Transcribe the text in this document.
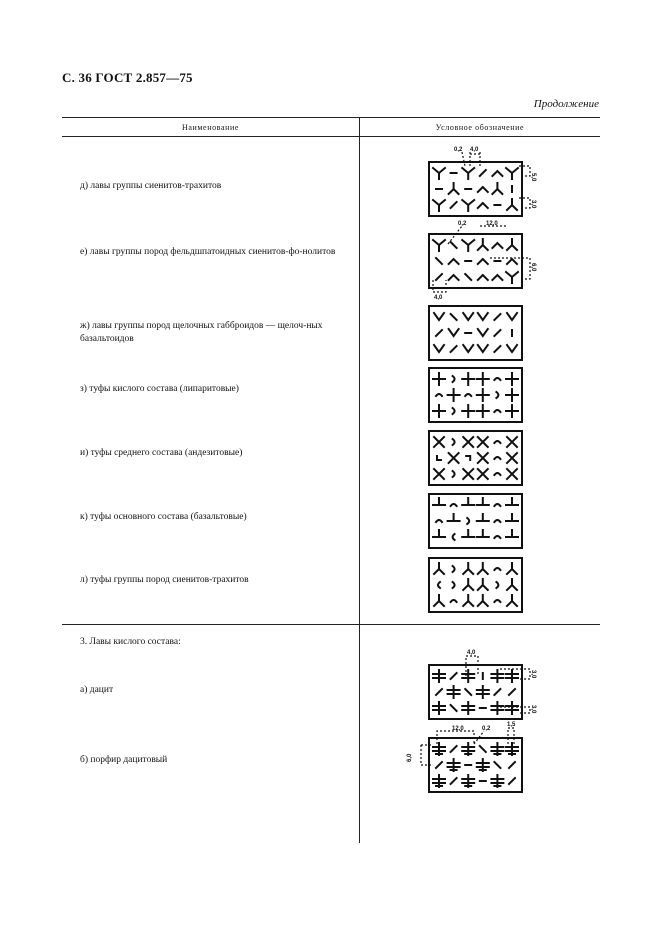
С. 36 ГОСТ 2.857—75
Продолжение
Наименование	Условное обозначение
д) лавы группы сиенитов-трахитов
е) лавы группы пород фельдшпатоидных сиенитов-фо-нолитов
ж) лавы группы пород щелочных габброидов — щелоч-ных базальтоидов
з) туфы кислого состава (липаритовые)
и) туфы среднего состава (андезитовые)
к) туфы основного состава (базальтовые)
л) туфы группы пород сиенитов-трахитов
3. Лавы кислого состава:
а) дацит
б) порфир дацитовый
0,2 4,0
5,0
3,0
0,2	12,0
6,0
4,0
4,0
3,0
3,0
12,0	0,2
1,5
6,0
